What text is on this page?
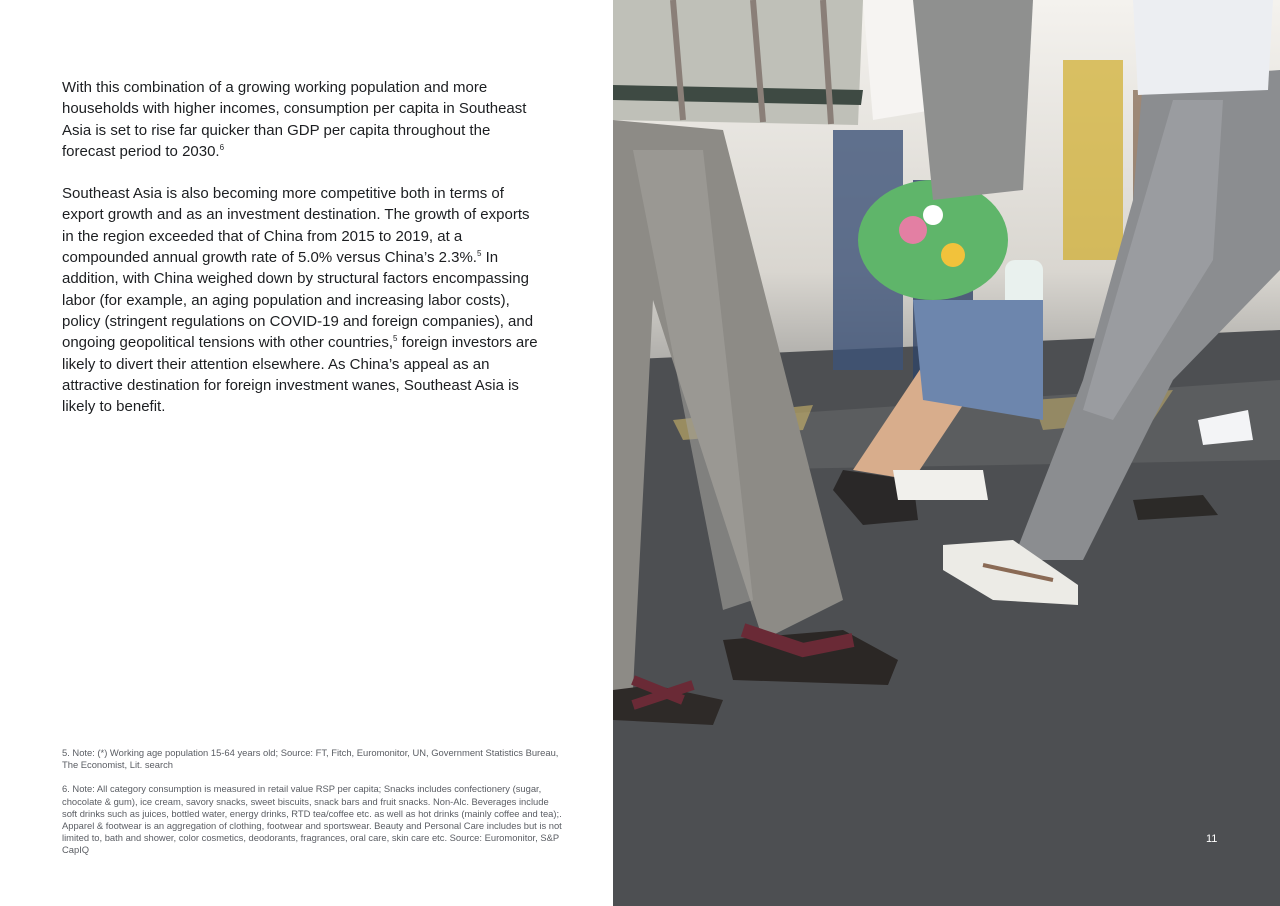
With this combination of a growing working population and more households with higher incomes, consumption per capita in Southeast Asia is set to rise far quicker than GDP per capita throughout the forecast period to 2030.$^6$

Southeast Asia is also becoming more competitive both in terms of export growth and as an investment destination. The growth of exports in the region exceeded that of China from 2015 to 2019, at a compounded annual growth rate of 5.0% versus China’s 2.3%.$^5$ In addition, with China weighed down by structural factors encompassing labor (for example, an aging population and increasing labor costs), policy (stringent regulations on COVID-19 and foreign companies), and ongoing geopolitical tensions with other countries,$^5$ foreign investors are likely to divert their attention elsewhere. As China’s appeal as an attractive destination for foreign investment wanes, Southeast Asia is likely to benefit.

5. Note: (*) Working age population 15-64 years old; Source: FT, Fitch, Euromonitor, UN, Government Statistics Bureau, The Economist, Lit. search

6. Note: All category consumption is measured in retail value RSP per capita; Snacks includes confectionery (sugar, chocolate & gum), ice cream, savory snacks, sweet biscuits, snack bars and fruit snacks. Non-Alc. Beverages include soft drinks such as juices, bottled water, energy drinks, RTD tea/coffee etc. as well as hot drinks (mainly coffee and tea);. Apparel & footwear is an aggregation of clothing, footwear and sportswear. Beauty and Personal Care includes but is not limited to, bath and shower, color cosmetics, deodorants, fragrances, oral care, skin care etc. Source: Euromonitor, S&P CapIQ

11
